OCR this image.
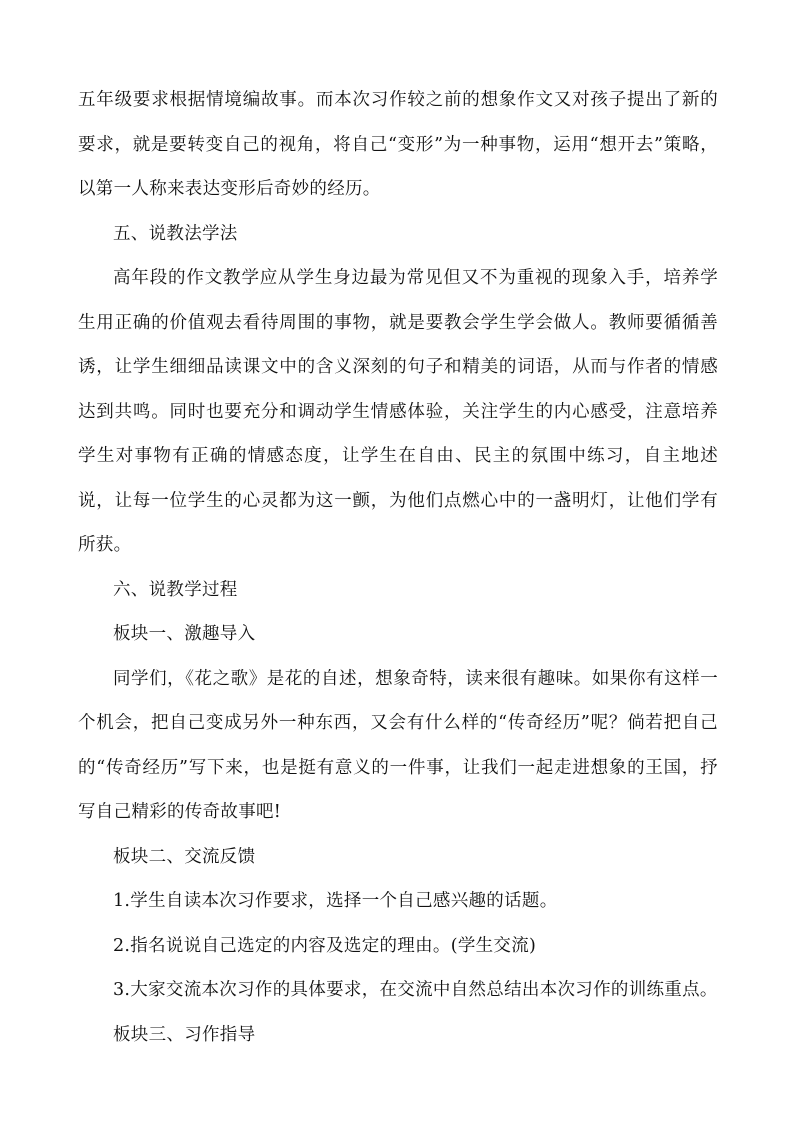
五年级要求根据情境编故事。而本次习作较之前的想象作文又对孩子提出了新的要求，就是要转变自己的视角，将自己“变形”为一种事物，运用“想开去”策略，以第一人称来表达变形后奇妙的经历。

五、说教法学法

高年段的作文教学应从学生身边最为常见但又不为重视的现象入手，培养学生用正确的价值观去看待周围的事物，就是要教会学生学会做人。教师要循循善诱，让学生细细品读课文中的含义深刻的句子和精美的词语，从而与作者的情感达到共鸣。同时也要充分和调动学生情感体验，关注学生的内心感受，注意培养学生对事物有正确的情感态度，让学生在自由、民主的氛围中练习，自主地述说，让每一位学生的心灵都为这一颤，为他们点燃心中的一盏明灯，让他们学有所获。

六、说教学过程

板块一、激趣导入

同学们，《花之歌》是花的自述，想象奇特，读来很有趣味。如果你有这样一个机会，把自己变成另外一种东西，又会有什么样的“传奇经历”呢？倘若把自己的“传奇经历”写下来，也是挺有意义的一件事，让我们一起走进想象的王国，抒写自己精彩的传奇故事吧!

板块二、交流反馈

1.学生自读本次习作要求，选择一个自己感兴趣的话题。

2.指名说说自己选定的内容及选定的理由。(学生交流)

3.大家交流本次习作的具体要求，在交流中自然总结出本次习作的训练重点。

板块三、习作指导
